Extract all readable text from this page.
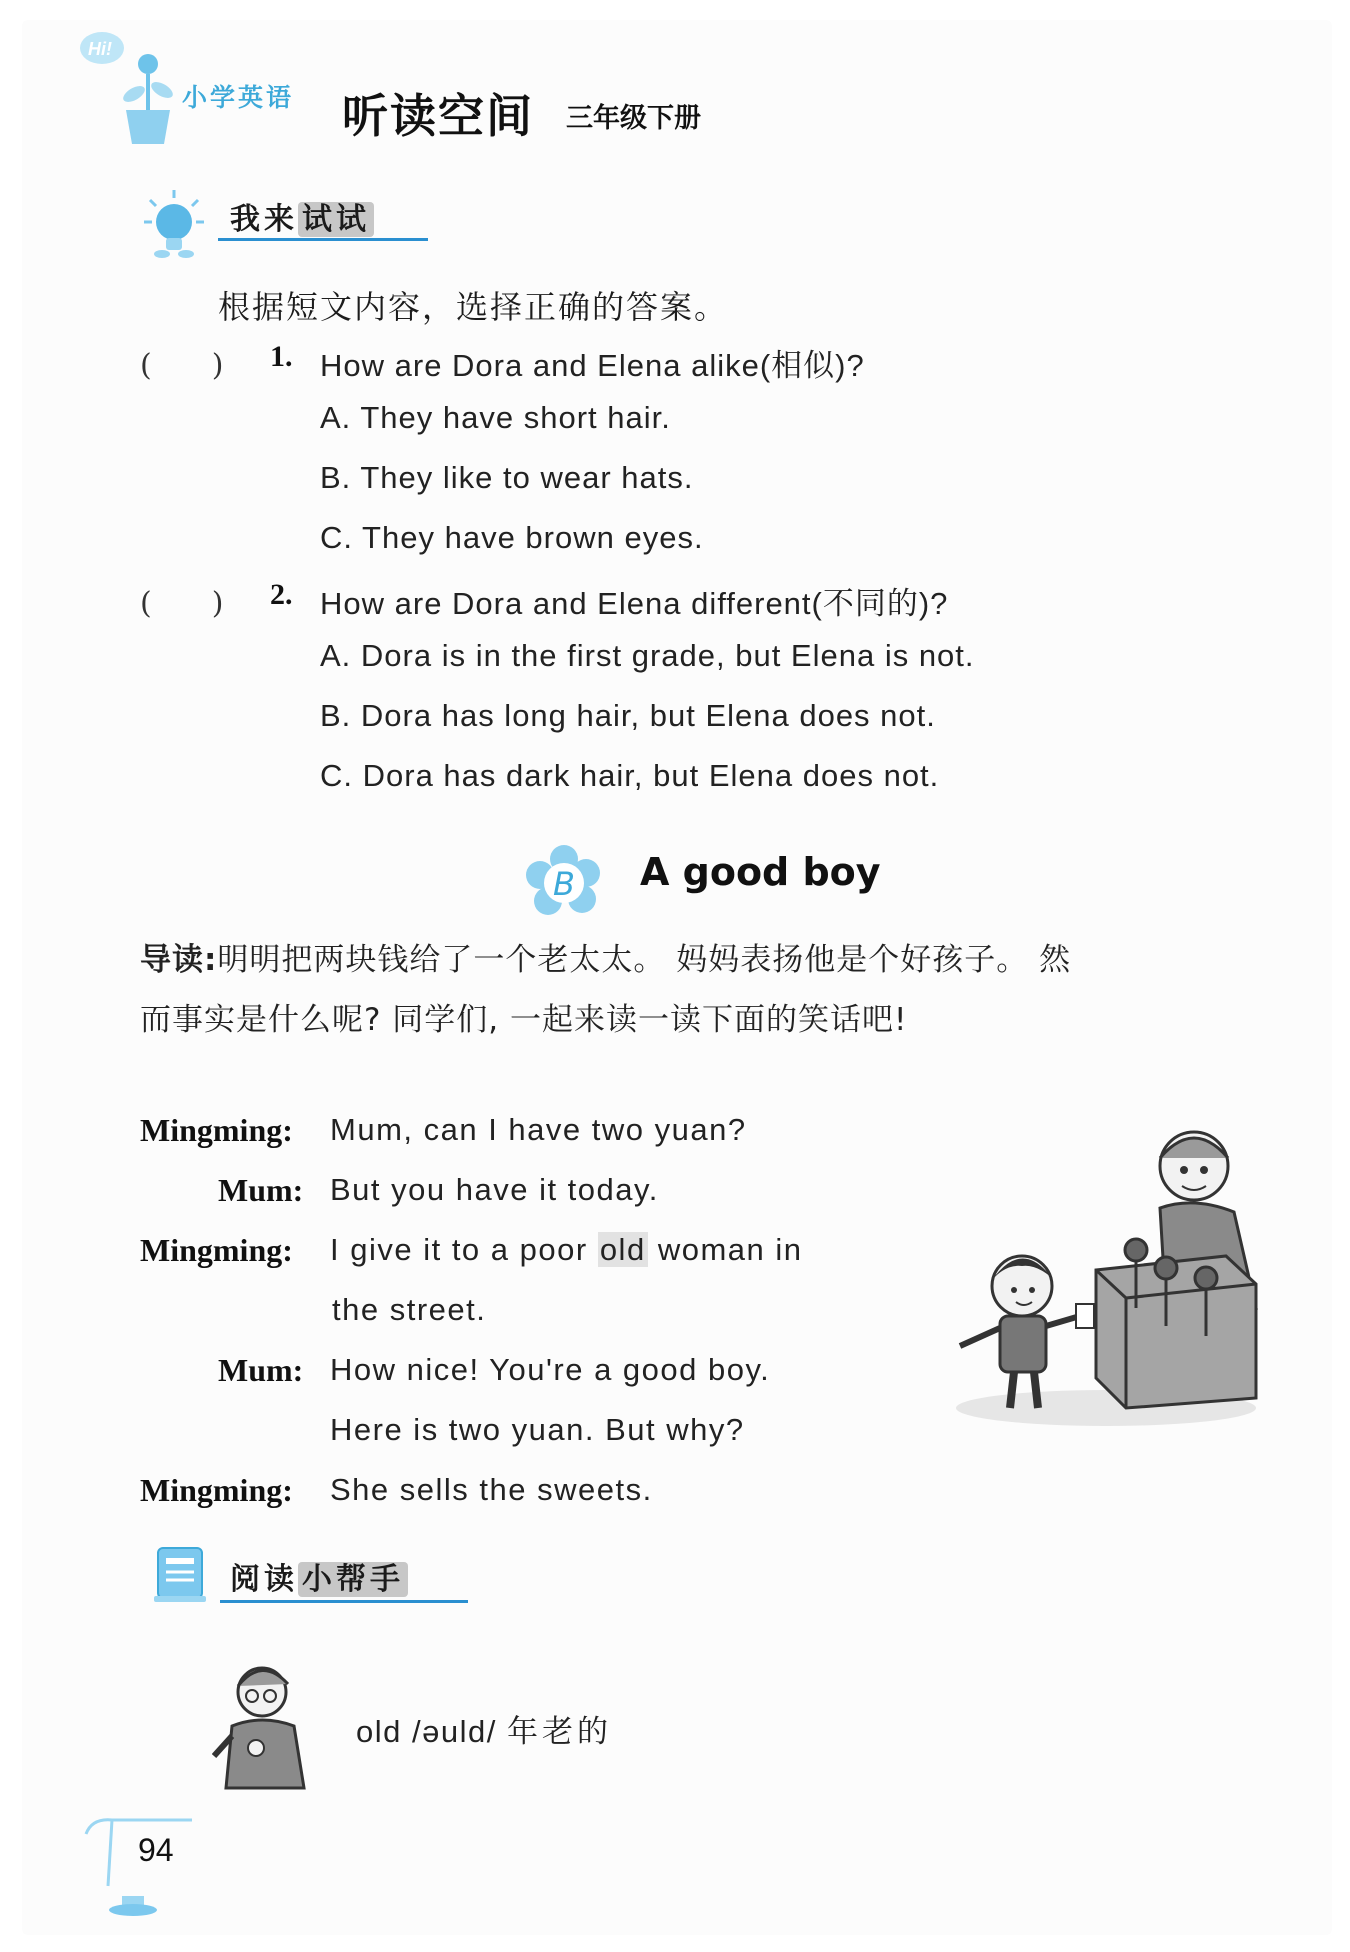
Hi!
小学英语 听读空间 三年级下册
我来 试试
根据短文内容，选择正确的答案。
(　　) 1. How are Dora and Elena alike(相似)?
A. They have short hair.
B. They like to wear hats.
C. They have brown eyes.
(　　) 2. How are Dora and Elena different(不同的)?
A. Dora is in the first grade, but Elena is not.
B. Dora has long hair, but Elena does not.
C. Dora has dark hair, but Elena does not.
B A good boy
导读:明明把两块钱给了一个老太太。 妈妈表扬他是个好孩子。 然
而事实是什么呢? 同学们, 一起来读一读下面的笑话吧!
Mingming: Mum, can I have two yuan?
Mum: But you have it today.
Mingming: I give it to a poor old woman in
the street.
Mum: How nice! You're a good boy.
Here is two yuan. But why?
Mingming: She sells the sweets.
阅读 小帮手
old /əuld/ 年老的
94
